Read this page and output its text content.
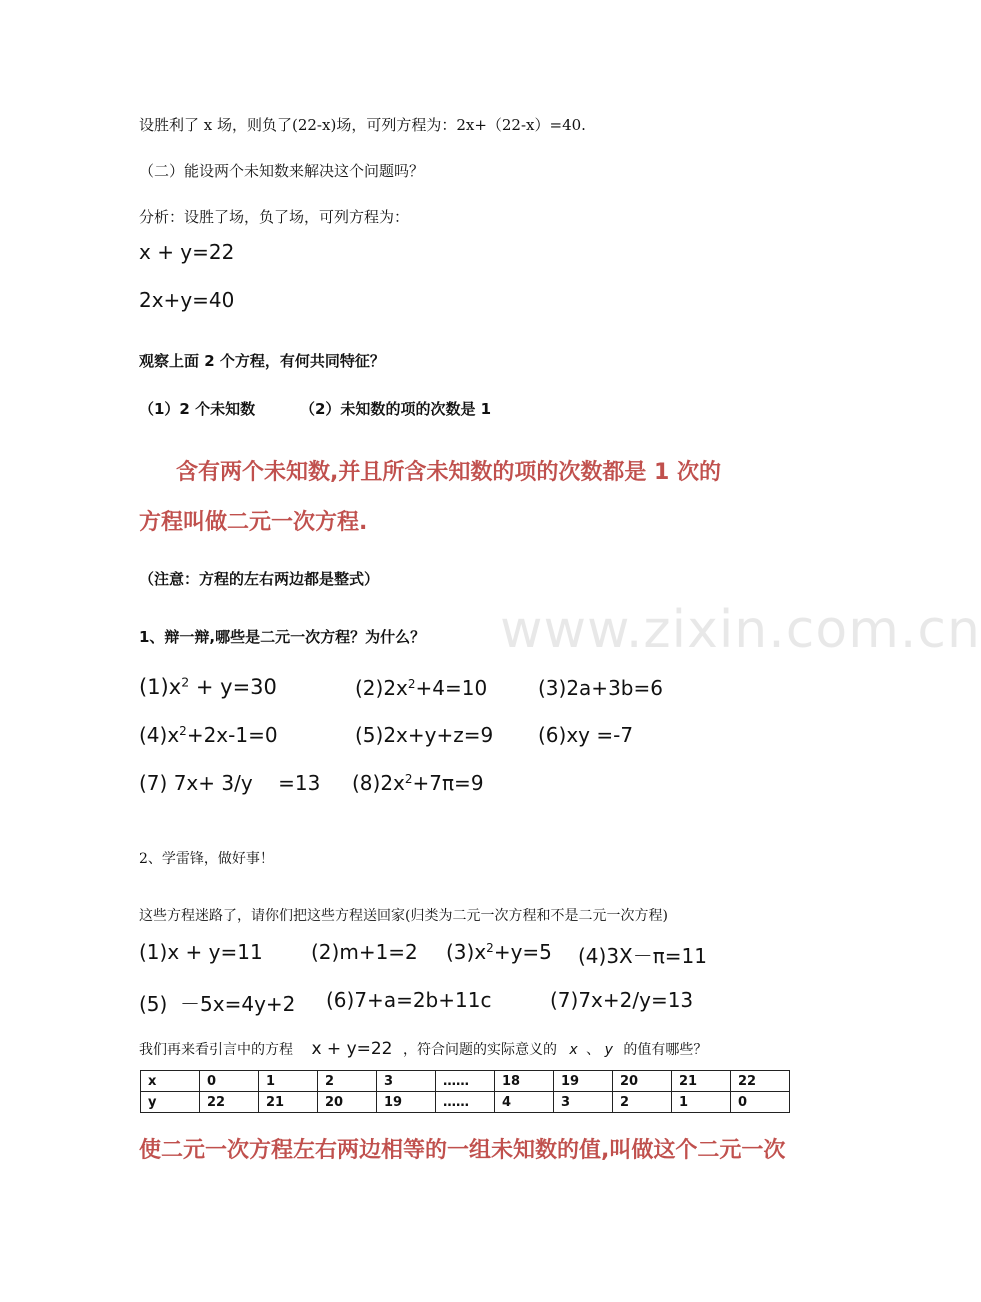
www.zixin.com.cn
设胜利了 x 场，则负了(22-x)场，可列方程为：2x+（22-x）=40.
（二）能设两个未知数来解决这个问题吗？
分析：设胜了场，负了场，可列方程为：
x + y=22
2x+y=40
观察上面 2 个方程，有何共同特征？
（1）2 个未知数	（2）未知数的项的次数是 1
含有两个未知数,并且所含未知数的项的次数都是 1 次的
方程叫做二元一次方程.
（注意：方程的左右两边都是整式）
1、辩一辩,哪些是二元一次方程？为什么？
$(1)x^2 + y=30$	$(2)2x^2+4=10$	(3)2a+3b=6
$(4)x^2+2x-1=0$	(5)2x+y+z=9 (6)xy =-7
(7) 7x+ 3/y    =13 $(8)2x^2+7\pi=9$
2、学雷锋，做好事！
这些方程迷路了，请你们把这些方程送回家(归类为二元一次方程和不是二元一次方程)
(1)x + y=11 (2)m+1=2 $(3)x^2+y=5$ (4)3X－π=11
(5)  －5x=4y+2 (6)7+a=2b+11c	(7)7x+2/y=13
我们再来看引言中的方程 x + y=22 ，符合问题的实际意义的 x 、 y 的值有哪些？
x	0	1	2	3	……	18	19	20	21	22
y	22	21	20	19	……	4	3	2	1	0
使二元一次方程左右两边相等的一组未知数的值,叫做这个二元一次
